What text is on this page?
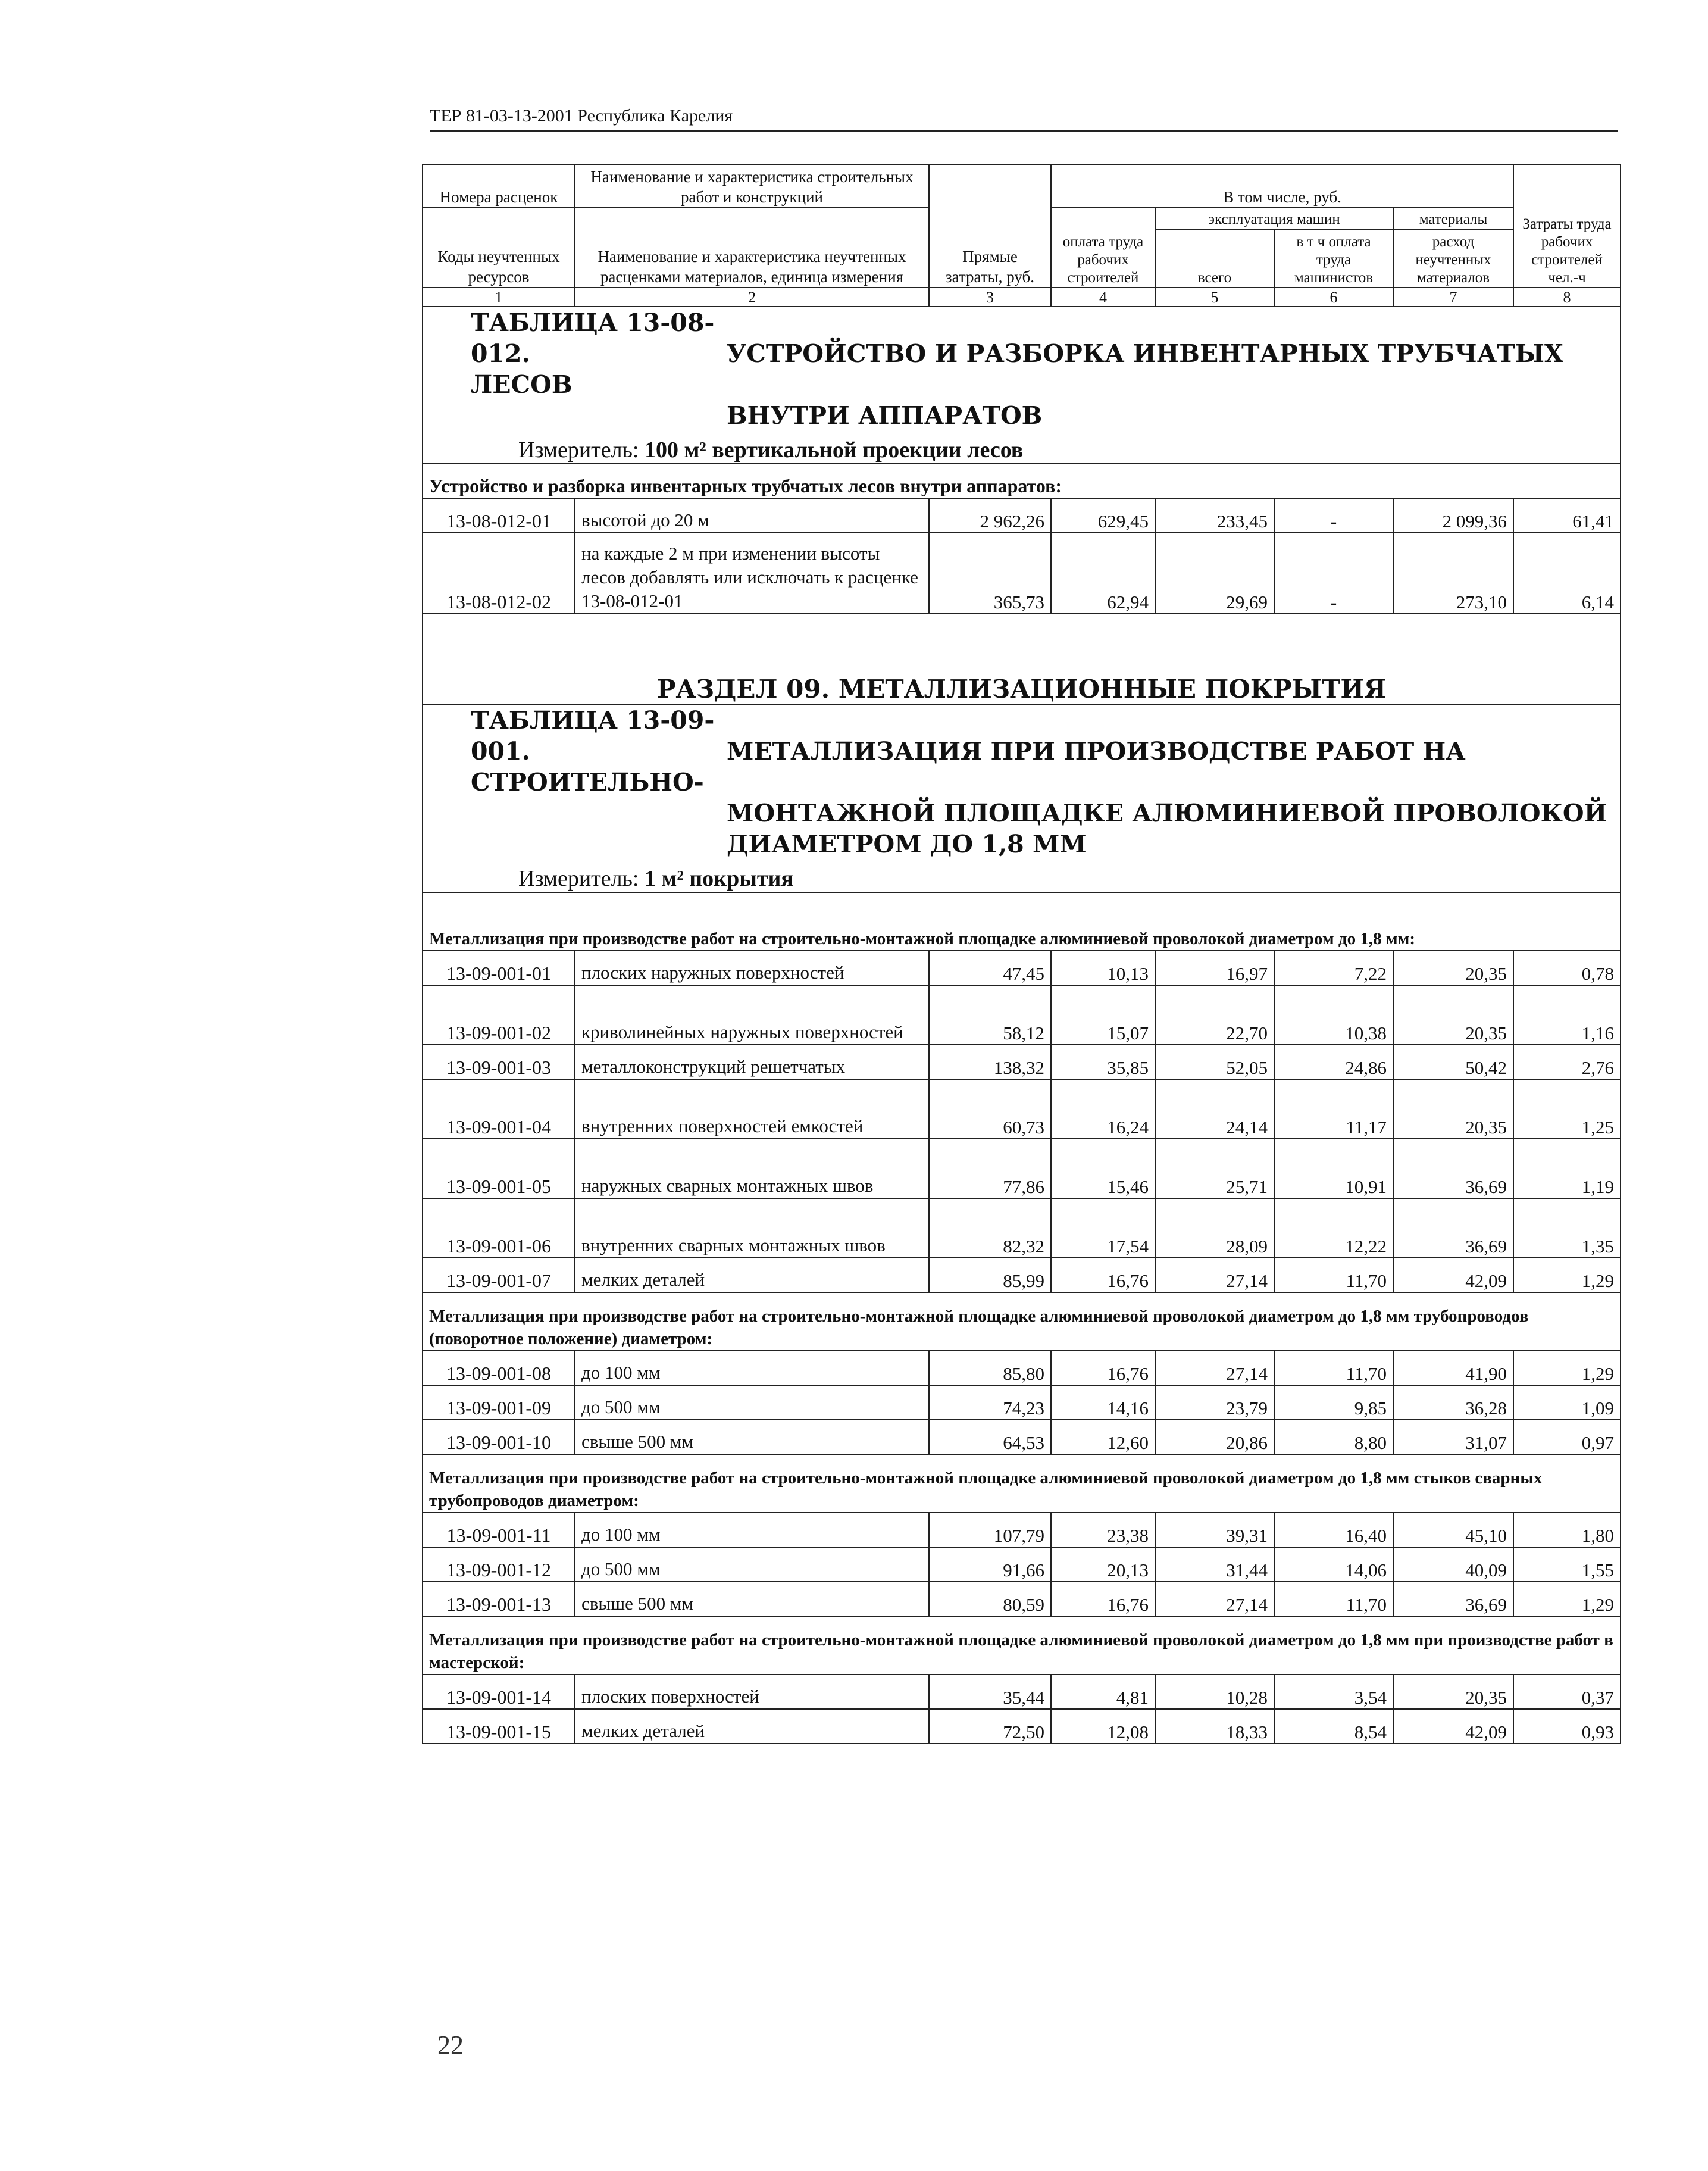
ТЕР 81-03-13-2001 Республика Карелия
Номера расценок	Наименование и характеристика строительных работ и конструкций	Прямые затраты, руб.	В том числе, руб.				Затраты труда рабочих строителей чел.-ч
Коды неучтенных ресурсов	Наименование и характеристика неучтенных расценками материалов, единица измерения		оплата труда рабочих строителей	эксплуатация машин		материалы	
				всего	в т ч оплата труда машинистов	расход неучтенных материалов	
1	2	3	4	5	6	7	8

ТАБЛИЦА 13-08-012. УСТРОЙСТВО И РАЗБОРКА ИНВЕНТАРНЫХ ТРУБЧАТЫХ ЛЕСОВ
ВНУТРИ АППАРАТОВ
Измеритель: 100 м² вертикальной проекции лесов							

Устройство и разборка инвентарных трубчатых лесов внутри аппаратов:							
13-08-012-01	высотой до 20 м	2 962,26	629,45	233,45	-	2 099,36	61,41
13-08-012-02	на каждые 2 м при изменении высоты лесов добавлять или исключать к расценке 13-08-012-01	365,73	62,94	29,69	-	273,10	6,14
РАЗДЕЛ 09. МЕТАЛЛИЗАЦИОННЫЕ ПОКРЫТИЯ							

ТАБЛИЦА 13-09-001. МЕТАЛЛИЗАЦИЯ ПРИ ПРОИЗВОДСТВЕ РАБОТ НА СТРОИТЕЛЬНО-
МОНТАЖНОЙ ПЛОЩАДКЕ АЛЮМИНИЕВОЙ ПРОВОЛОКОЙ
ДИАМЕТРОМ ДО 1,8 ММ
Измеритель: 1 м² покрытия							

Металлизация при производстве работ на строительно-монтажной площадке алюминиевой проволокой диаметром до 1,8 мм:							
13-09-001-01	плоских наружных поверхностей	47,45	10,13	16,97	7,22	20,35	0,78
13-09-001-02	криволинейных наружных поверхностей	58,12	15,07	22,70	10,38	20,35	1,16
13-09-001-03	металлоконструкций решетчатых	138,32	35,85	52,05	24,86	50,42	2,76
13-09-001-04	внутренних поверхностей емкостей	60,73	16,24	24,14	11,17	20,35	1,25
13-09-001-05	наружных сварных монтажных швов	77,86	15,46	25,71	10,91	36,69	1,19
13-09-001-06	внутренних сварных монтажных швов	82,32	17,54	28,09	12,22	36,69	1,35
13-09-001-07	мелких деталей	85,99	16,76	27,14	11,70	42,09	1,29
Металлизация при производстве работ на строительно-монтажной площадке алюминиевой проволокой диаметром до 1,8 мм трубопроводов (поворотное положение) диаметром:							
13-09-001-08	до 100 мм	85,80	16,76	27,14	11,70	41,90	1,29
13-09-001-09	до 500 мм	74,23	14,16	23,79	9,85	36,28	1,09
13-09-001-10	свыше 500 мм	64,53	12,60	20,86	8,80	31,07	0,97
Металлизация при производстве работ на строительно-монтажной площадке алюминиевой проволокой диаметром до 1,8 мм стыков сварных трубопроводов диаметром:							
13-09-001-11	до 100 мм	107,79	23,38	39,31	16,40	45,10	1,80
13-09-001-12	до 500 мм	91,66	20,13	31,44	14,06	40,09	1,55
13-09-001-13	свыше 500 мм	80,59	16,76	27,14	11,70	36,69	1,29
Металлизация при производстве работ на строительно-монтажной площадке алюминиевой проволокой диаметром до 1,8 мм при производстве работ в мастерской:							
13-09-001-14	плоских поверхностей	35,44	4,81	10,28	3,54	20,35	0,37
13-09-001-15	мелких деталей	72,50	12,08	18,33	8,54	42,09	0,93
22
